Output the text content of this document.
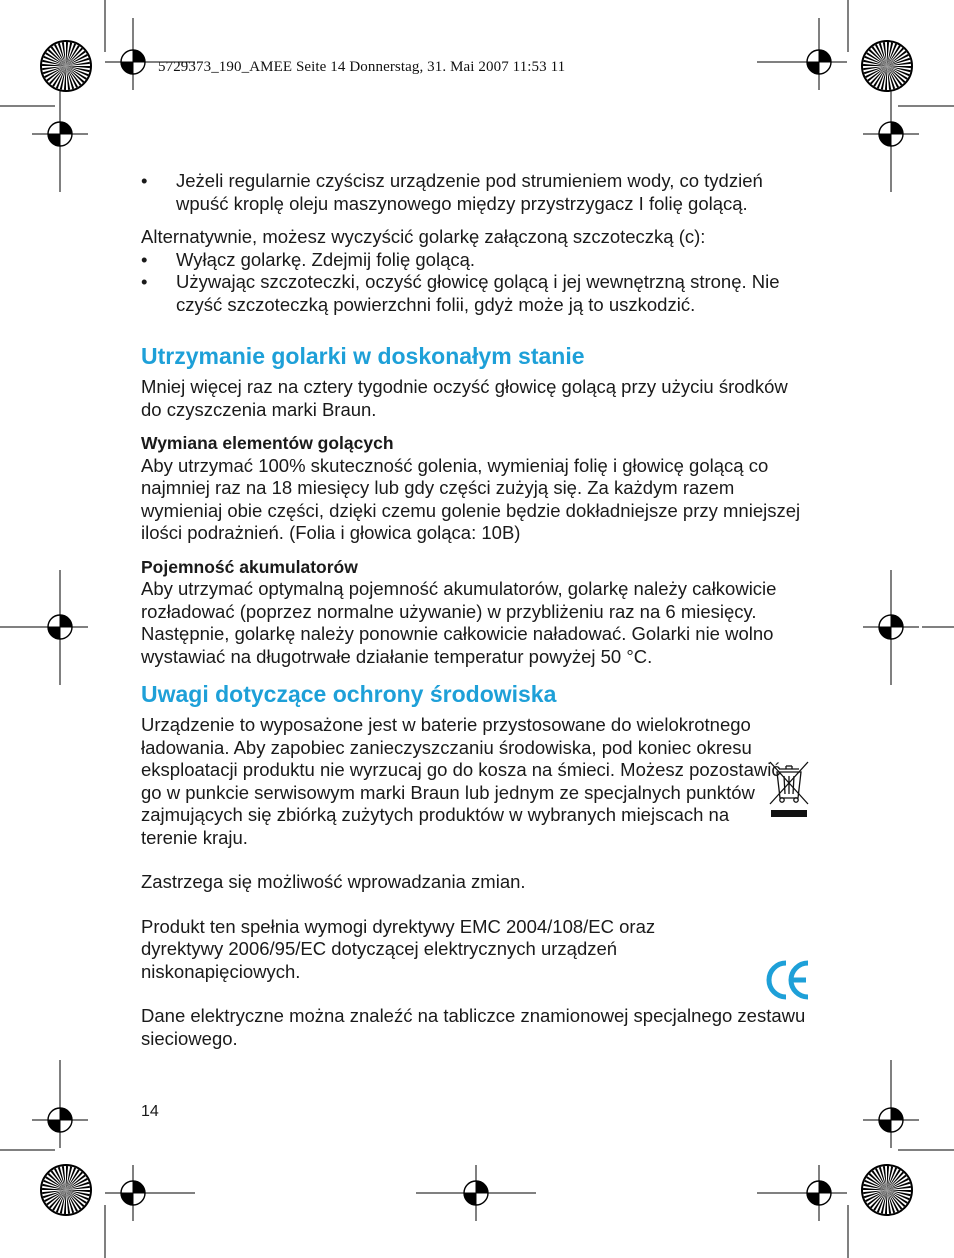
5729373_190_AMEE Seite 14 Donnerstag, 31. Mai 2007 11:53 11
• Jeżeli regularnie czyścisz urządzenie pod strumieniem wody, co tydzień wpuść kroplę oleju maszynowego między przystrzygacz I folię golącą.

Alternatywnie, możesz wyczyścić golarkę załączoną szczoteczką (c):

• Wyłącz golarkę. Zdejmij folię golącą.
• Używając szczoteczki, oczyść głowicę golącą i jej wewnętrzną stronę. Nie czyść szczoteczką powierzchni folii, gdyż może ją to uszkodzić.
Utrzymanie golarki w doskonałym stanie

Mniej więcej raz na cztery tygodnie oczyść głowicę golącą przy użyciu środków do czyszczenia marki Braun.

Wymiana elementów golących

Aby utrzymać 100% skuteczność golenia, wymieniaj folię i głowicę golącą co najmniej raz na 18 miesięcy lub gdy części zużyją się. Za każdym razem wymieniaj obie części, dzięki czemu golenie będzie dokładniejsze przy mniejszej ilości podrażnień. (Folia i głowica goląca: 10B)

Pojemność akumulatorów

Aby utrzymać optymalną pojemność akumulatorów, golarkę należy całkowicie rozładować (poprzez normalne używanie) w przybliżeniu raz na 6 miesięcy. Następnie, golarkę należy ponownie całkowicie naładować. Golarki nie wolno wystawiać na długotrwałe działanie temperatur powyżej 50 °C.

Uwagi dotyczące ochrony środowiska

Urządzenie to wyposażone jest w baterie przystosowane do wielokrotnego ładowania. Aby zapobiec zanieczyszczaniu środowiska, pod koniec okresu eksploatacji produktu nie wyrzucaj go do kosza na śmieci. Możesz pozostawić go w punkcie serwisowym marki Braun lub jednym ze specjalnych punktów zajmujących się zbiórką zużytych produktów w wybranych miejscach na terenie kraju.

Zastrzega się możliwość wprowadzania zmian.

Produkt ten spełnia wymogi dyrektywy EMC 2004/108/EC oraz dyrektywy 2006/95/EC dotyczącej elektrycznych urządzeń niskonapięciowych.

Dane elektryczne można znaleźć na tabliczce znamionowej specjalnego zestawu sieciowego.

14
